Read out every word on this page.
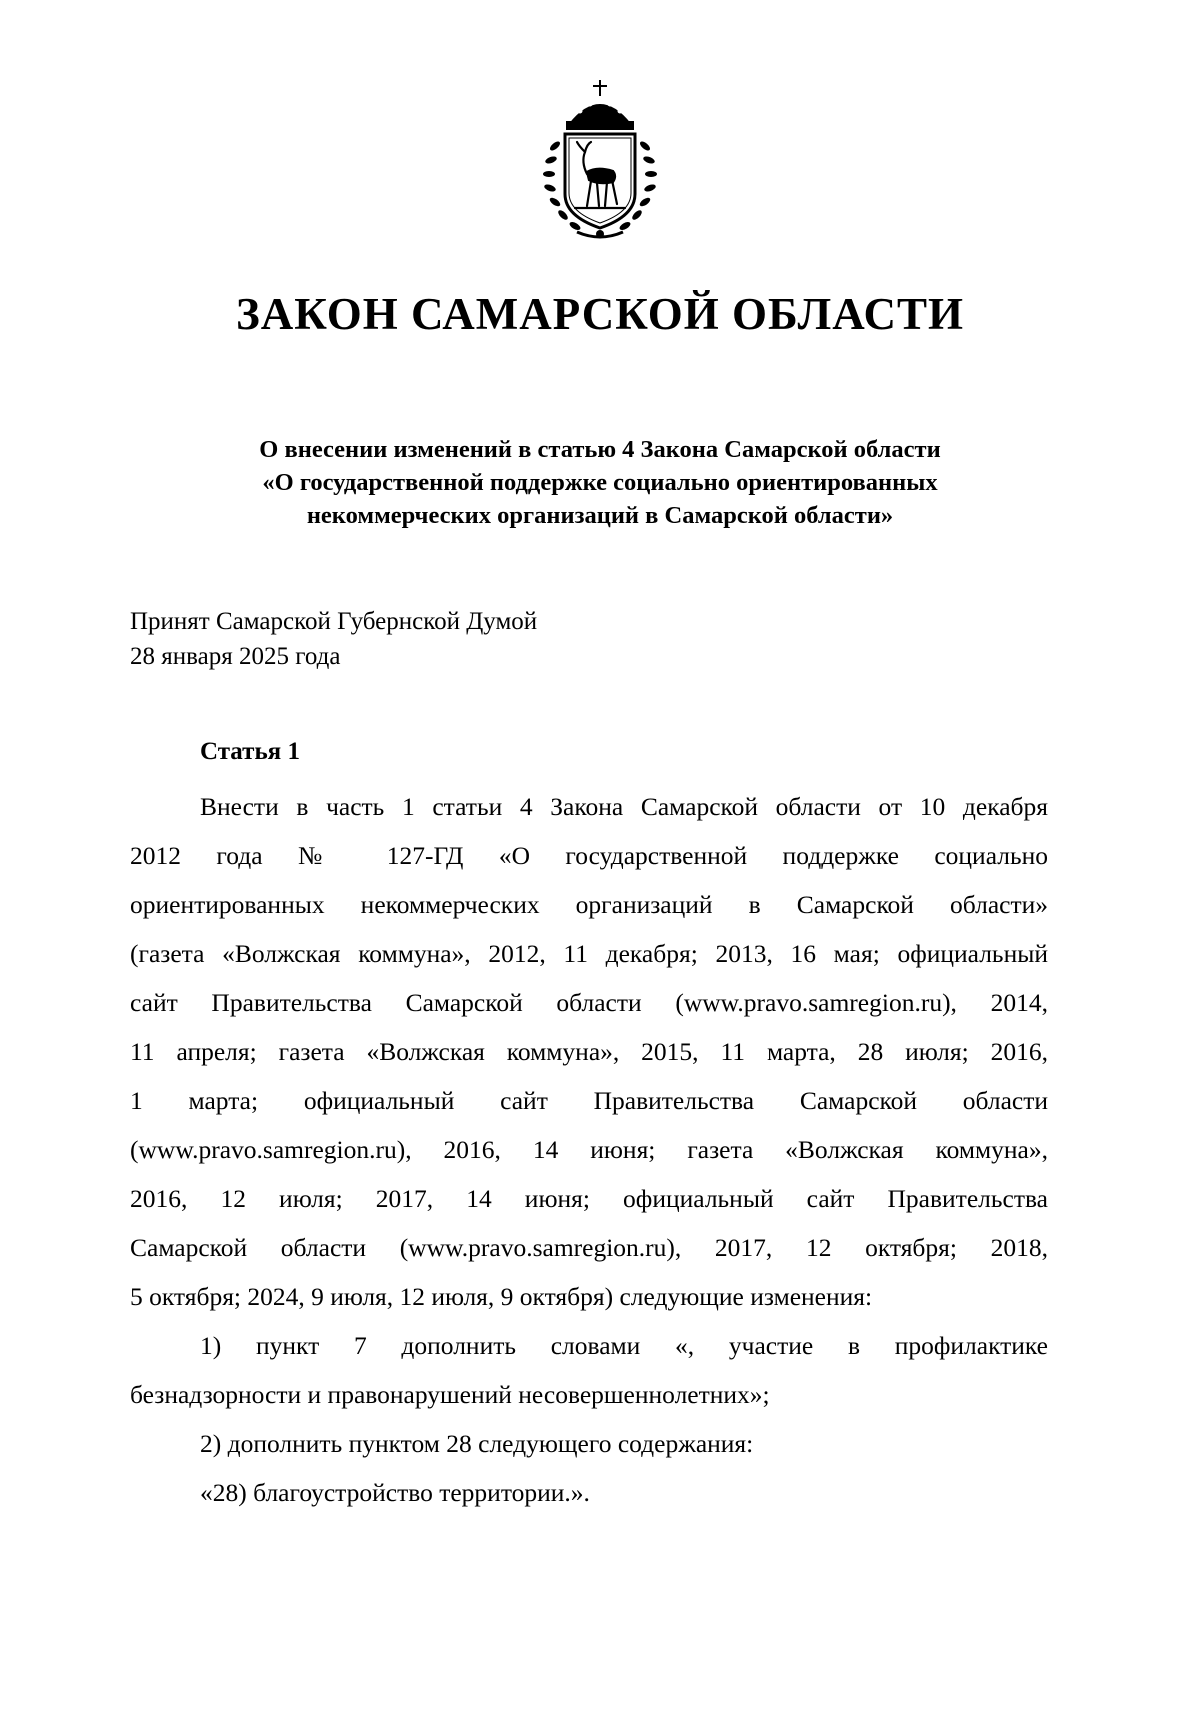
ЗАКОН САМАРСКОЙ ОБЛАСТИ
О внесении изменений в статью 4 Закона Самарской области
«О государственной поддержке социально ориентированных
некоммерческих организаций в Самарской области»
Принят Самарской Губернской Думой
28 января 2025 года
Статья 1
Внести в часть 1 статьи 4 Закона Самарской области от 10 декабря
2012 года № 127-ГД «О государственной поддержке социально
ориентированных некоммерческих организаций в Самарской области»
(газета «Волжская коммуна», 2012, 11 декабря; 2013, 16 мая; официальный
сайт Правительства Самарской области (www.pravo.samregion.ru), 2014,
11 апреля; газета «Волжская коммуна», 2015, 11 марта, 28 июля; 2016,
1 марта; официальный сайт Правительства Самарской области
(www.pravo.samregion.ru), 2016, 14 июня; газета «Волжская коммуна»,
2016, 12 июля; 2017, 14 июня; официальный сайт Правительства
Самарской области (www.pravo.samregion.ru), 2017, 12 октября; 2018,
5 октября; 2024, 9 июля, 12 июля, 9 октября) следующие изменения:
1) пункт 7 дополнить словами «, участие в профилактике
безнадзорности и правонарушений несовершеннолетних»;
2) дополнить пунктом 28 следующего содержания:
«28) благоустройство территории.».
